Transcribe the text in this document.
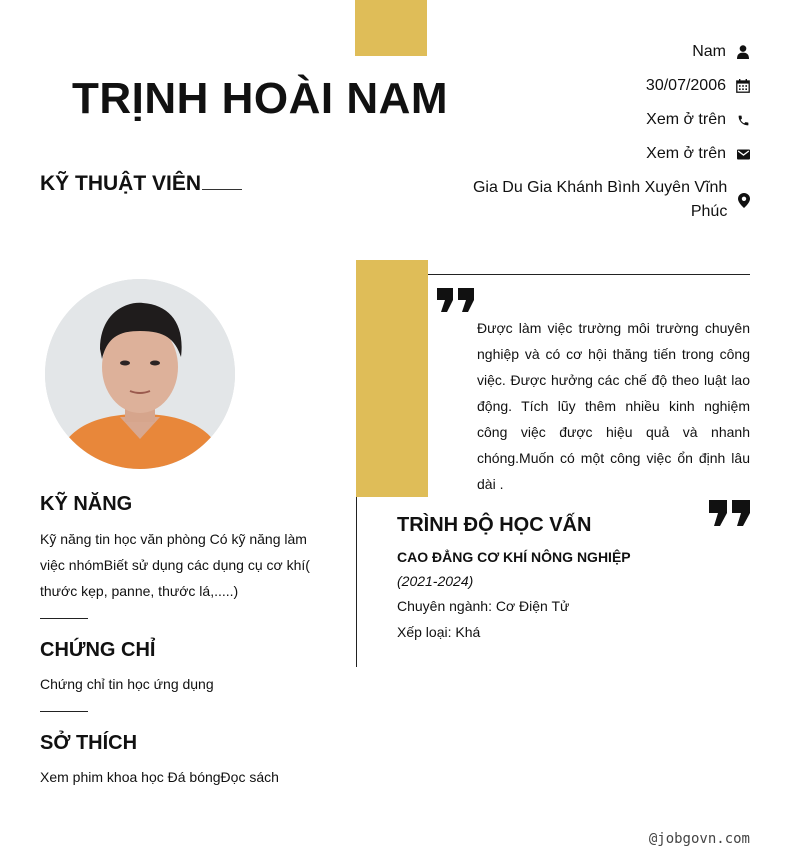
TRỊNH HOÀI NAM
KỸ THUẬT VIÊN
Nam
30/07/2006
Xem ở trên
Xem ở trên
Gia Du Gia Khánh Bình Xuyên Vĩnh Phúc
KỸ NĂNG
Kỹ năng tin học văn phòng Có kỹ năng làm việc nhómBiết sử dụng các dụng cụ cơ khí( thước kẹp, panne, thước lá,.....)
CHỨNG CHỈ
Chứng chỉ tin học ứng dụng
SỞ THÍCH
Xem phim khoa học Đá bóngĐọc sách
Được làm việc trường môi trường chuyên nghiệp và có cơ hội thăng tiến trong công việc. Được hưởng các chế độ theo luật lao động. Tích lũy thêm nhiều kinh nghiệm công việc được hiệu quả và nhanh chóng.Muốn có một công việc ổn định lâu dài .
TRÌNH ĐỘ HỌC VẤN
CAO ĐẲNG CƠ KHÍ NÔNG NGHIỆP
(2021-2024)
Chuyên ngành: Cơ Điện Tử
Xếp loại: Khá
@jobgovn.com
